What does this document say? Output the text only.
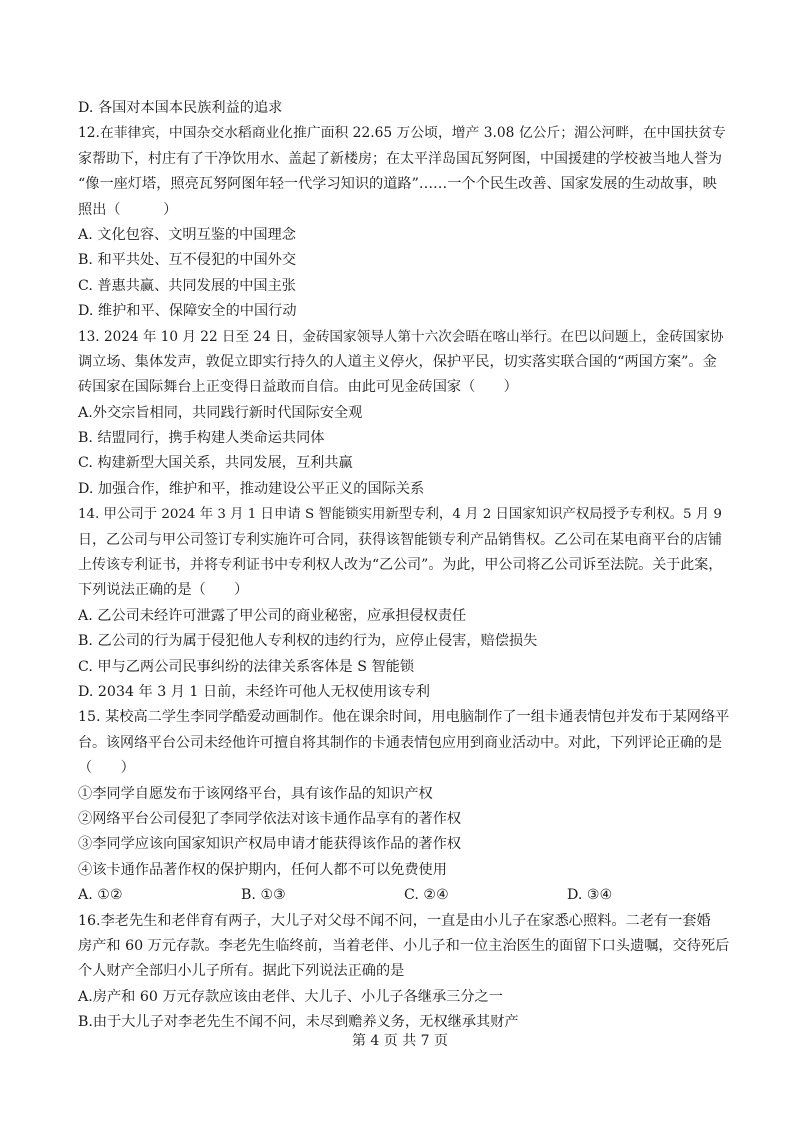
D. 各国对本国本民族利益的追求
12.在菲律宾，中国杂交水稻商业化推广面积 22.65 万公顷，增产 3.08 亿公斤；湄公河畔，在中国扶贫专
家帮助下，村庄有了干净饮用水、盖起了新楼房；在太平洋岛国瓦努阿图，中国援建的学校被当地人誉为
“像一座灯塔，照亮瓦努阿图年轻一代学习知识的道路”……一个个民生改善、国家发展的生动故事，映
照出（　　　）
A. 文化包容、文明互鉴的中国理念
B. 和平共处、互不侵犯的中国外交
C. 普惠共赢、共同发展的中国主张
D. 维护和平、保障安全的中国行动
13. 2024 年 10 月 22 日至 24 日，金砖国家领导人第十六次会晤在喀山举行。在巴以问题上，金砖国家协
调立场、集体发声，敦促立即实行持久的人道主义停火，保护平民，切实落实联合国的“两国方案”。金
砖国家在国际舞台上正变得日益敢而自信。由此可见金砖国家（　　）
A.外交宗旨相同，共同践行新时代国际安全观
B. 结盟同行，携手构建人类命运共同体
C. 构建新型大国关系，共同发展，互利共赢
D. 加强合作，维护和平，推动建设公平正义的国际关系
14. 甲公司于 2024 年 3 月 1 日申请 S 智能锁实用新型专利，4 月 2 日国家知识产权局授予专利权。5 月 9
日，乙公司与甲公司签订专利实施许可合同，获得该智能锁专利产品销售权。乙公司在某电商平台的店铺
上传该专利证书，并将专利证书中专利权人改为“乙公司”。为此，甲公司将乙公司诉至法院。关于此案，
下列说法正确的是（　　）
A. 乙公司未经许可泄露了甲公司的商业秘密，应承担侵权责任
B. 乙公司的行为属于侵犯他人专利权的违约行为，应停止侵害，赔偿损失
C. 甲与乙两公司民事纠纷的法律关系客体是 S 智能锁
D. 2034 年 3 月 1 日前，未经许可他人无权使用该专利
15. 某校高二学生李同学酷爱动画制作。他在课余时间，用电脑制作了一组卡通表情包并发布于某网络平
台。该网络平台公司未经他许可擅自将其制作的卡通表情包应用到商业活动中。对此，下列评论正确的是
（　　）
①李同学自愿发布于该网络平台，具有该作品的知识产权
②网络平台公司侵犯了李同学依法对该卡通作品享有的著作权
③李同学应该向国家知识产权局申请才能获得该作品的著作权
④该卡通作品著作权的保护期内，任何人都不可以免费使用
A. ①②	B. ①③	C. ②④	D. ③④
16.李老先生和老伴育有两子，大儿子对父母不闻不问，一直是由小儿子在家悉心照料。二老有一套婚
房产和 60 万元存款。李老先生临终前，当着老伴、小儿子和一位主治医生的面留下口头遗嘱，交待死后
个人财产全部归小儿子所有。据此下列说法正确的是
A.房产和 60 万元存款应该由老伴、大儿子、小儿子各继承三分之一
B.由于大儿子对李老先生不闻不问，未尽到赡养义务，无权继承其财产
第 4 页 共 7 页
